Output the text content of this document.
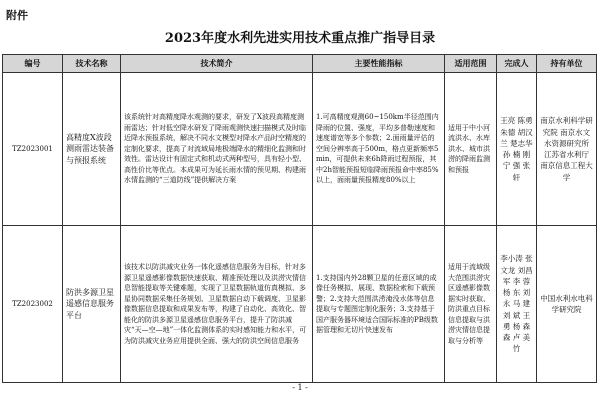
附件
2023年度水利先进实用技术重点推广指导目录
编号	技术名称	技术简介	主要性能指标	适用范围	完成人	持有单位
TZ2023001	高精度X波段测雨雷达装备与预报系统	该系统针对高精度降水观测的要求，研发了X波段高精度测雨雷达；针对低空降水研发了降雨观测快速扫描模式及时临近降水预报系统，解决不同水文模型对降水产品时空精度的定制化要求，提高了对流域局地极端降水的精细化监测和时效性。雷达设计有固定式和机动式两种型号，具有轻小型、高性价比等优点。本成果可为延长雨水情的预见期、构建雨水情监测的“三道防线”提供解决方案	1.可高精度观测60~150km半径范围内降雨的位置、强度，平均多普勒速度和速度谱宽等多个参数；2.面雨量评估的空间分辨率高于500m，格点更新频率5min，可提供未来6h降雨过程预报，其中2h智能预报短临降雨预报命中率85%以上，面雨量预报精度80%以上	适用于中小河流洪水、水库洪水、城市洪涝的降雨监测和预报	王亮 陈勇 朱德 胡汉 兰 楚志华 孙 楠 刚 宁 强 张 轩	南京水利科学研究院 南京水文水资源研究所 江苏省水利厅 南京信息工程大学
TZ2023002	防洪多源卫星遥感信息服务平台	该技术以防洪减灾业务一体化遥感信息服务为目标，针对多源卫星遥感影像数据快速获取、精准预处理以及洪涝灾情信息智能提取等关键难题，实现了卫星数据轨道仿真模拟、多星协同数据采集任务规划、卫星数据自动下载调度、卫星影像数据信息提取和成果发布等，构建了自动化、高效化、智能化的防洪多源卫星遥感信息服务平台，提升了防洪减灾“天—空—地”一体化监测体系的实时感知能力和水平，可为防洪减灾业务应用提供全面、强大的防洪空间信息服务	1.支持国内外28颗卫星的任意区域的成像任务模拟、展现、数据检索和下载预警；2.支持大范围洪涝淹没水体等信息提取与专题图定制化服务；3.支持基于国产服务器环境适合国际标准的PB级数据管理和无切片快速发布	适用于流域级大范围洪涝灾区遥感影像数据实时获取、防洪重点目标信息提取与洪涝灾情信息提取与分析等	李小涛 张文龙 刘昌军 李 蓉 杨 东 刘 永 马 建 刘 斌 王 勇 杨 森 森 卢 美 竹	中国水利水电科学研究院
- 1 -
